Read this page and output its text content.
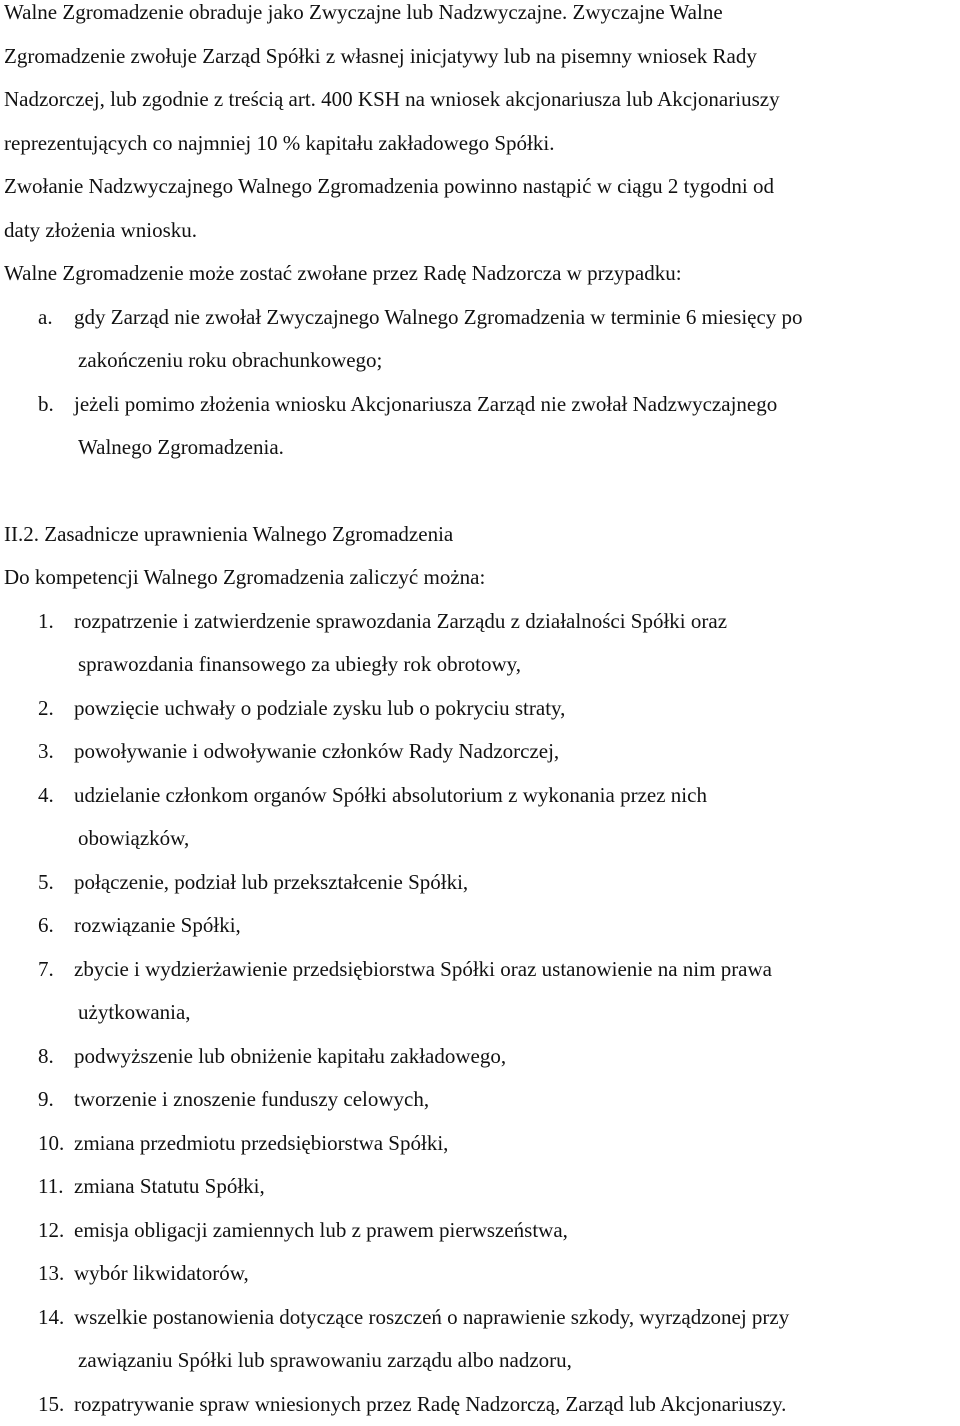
Walne Zgromadzenie obraduje jako Zwyczajne lub Nadzwyczajne. Zwyczajne Walne

Zgromadzenie zwołuje Zarząd Spółki z własnej inicjatywy lub na pisemny wniosek Rady

Nadzorczej, lub zgodnie z treścią art. 400 KSH na wniosek akcjonariusza lub Akcjonariuszy

reprezentujących co najmniej 10 % kapitału zakładowego Spółki.

Zwołanie Nadzwyczajnego Walnego Zgromadzenia powinno nastąpić w ciągu 2 tygodni od

daty złożenia wniosku.

Walne Zgromadzenie może zostać zwołane przez Radę Nadzorcza w przypadku:

a.	gdy Zarząd nie zwołał Zwyczajnego Walnego Zgromadzenia w terminie 6 miesięcy po
zakończeniu roku obrachunkowego;
b. jeżeli pomimo złożenia wniosku Akcjonariusza Zarząd nie zwołał Nadzwyczajnego
Walnego Zgromadzenia.

II.2. Zasadnicze uprawnienia Walnego Zgromadzenia

Do kompetencji Walnego Zgromadzenia zaliczyć można:

1. rozpatrzenie i zatwierdzenie sprawozdania Zarządu z działalności Spółki oraz
sprawozdania finansowego za ubiegły rok obrotowy,
2. powzięcie uchwały o podziale zysku lub o pokryciu straty,
3. powoływanie i odwoływanie członków Rady Nadzorczej,
4. udzielanie członkom organów Spółki absolutorium z wykonania przez nich
obowiązków,
5. połączenie, podział lub przekształcenie Spółki,
6. rozwiązanie Spółki,
7. zbycie i wydzierżawienie przedsiębiorstwa Spółki oraz ustanowienie na nim prawa
użytkowania,
8. podwyższenie lub obniżenie kapitału zakładowego,
9. tworzenie i znoszenie funduszy celowych,
10. zmiana przedmiotu przedsiębiorstwa Spółki,
11. zmiana Statutu Spółki,
12. emisja obligacji zamiennych lub z prawem pierwszeństwa,
13. wybór likwidatorów,
14. wszelkie postanowienia dotyczące roszczeń o naprawienie szkody, wyrządzonej przy
zawiązaniu Spółki lub sprawowaniu zarządu albo nadzoru,
15. rozpatrywanie spraw wniesionych przez Radę Nadzorczą, Zarząd lub Akcjonariuszy.
